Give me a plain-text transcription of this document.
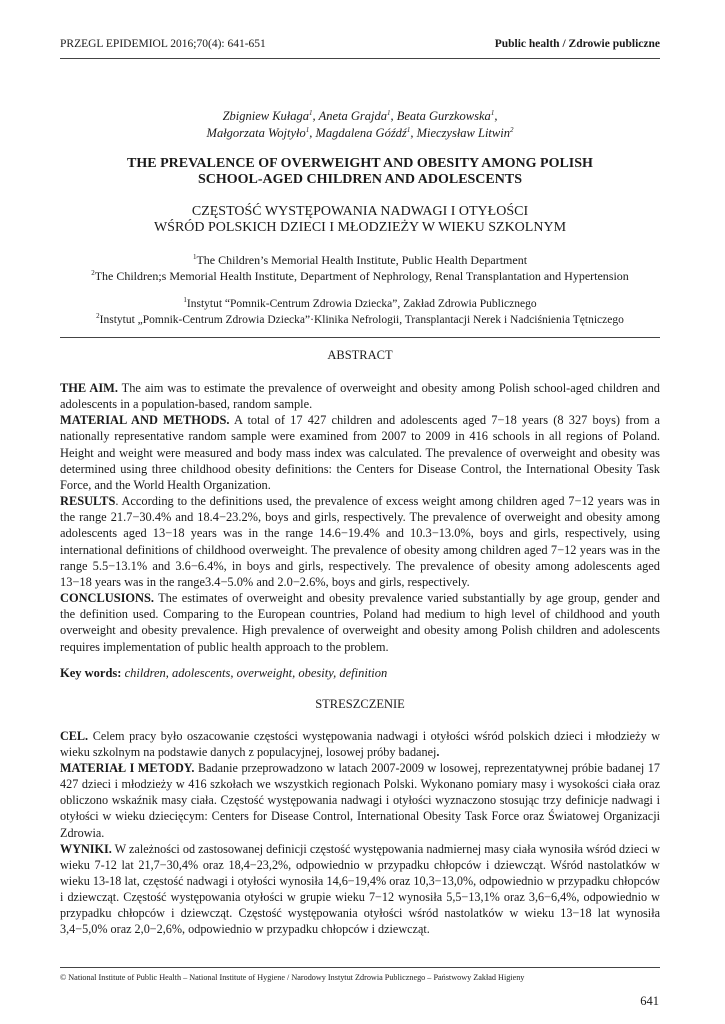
PRZEGL EPIDEMIOL 2016;70(4): 641-651	Public health / Zdrowie publiczne
Zbigniew Kułaga$^1$, Aneta Grajda$^1$, Beata Gurzkowska$^1$,
Małgorzata Wojtyło$^1$, Magdalena Góźdź$^1$, Mieczysław Litwin$^2$
THE PREVALENCE OF OVERWEIGHT AND OBESITY AMONG POLISH
SCHOOL-AGED CHILDREN AND ADOLESCENTS
CZĘSTOŚĆ WYSTĘPOWANIA NADWAGI I OTYŁOŚCI
WŚRÓD POLSKICH DZIECI I MŁODZIEŻY W WIEKU SZKOLNYM
$^1$The Children’s Memorial Health Institute, Public Health Department
$^2$The Children;s Memorial Health Institute, Department of Nephrology, Renal Transplantation and Hypertension
$^1$Instytut “Pomnik-Centrum Zdrowia Dziecka”, Zakład Zdrowia Publicznego
$^2$Instytut „Pomnik-Centrum Zdrowia Dziecka”·Klinika Nefrologii, Transplantacji Nerek i Nadciśnienia Tętniczego
ABSTRACT

THE AIM. The aim was to estimate the prevalence of overweight and obesity among Polish school-aged children and adolescents in a population-based, random sample.

MATERIAL AND METHODS. A total of 17 427 children and adolescents aged 7−18 years (8 327 boys) from a nationally representative random sample were examined from 2007 to 2009 in 416 schools in all regions of Poland. Height and weight were measured and body mass index was calculated. The prevalence of overweight and obesity was determined using three childhood obesity definitions: the Centers for Disease Control, the International Obesity Task Force, and the World Health Organization.

RESULTS. According to the definitions used, the prevalence of excess weight among children aged 7−12 years was in the range 21.7−30.4% and 18.4−23.2%, boys and girls, respectively. The prevalence of overweight and obesity among adolescents aged 13−18 years was in the range 14.6−19.4% and 10.3−13.0%, boys and girls, respectively, using international definitions of childhood overweight. The prevalence of obesity among children aged 7−12 years was in the range 5.5−13.1% and 3.6−6.4%, in boys and girls, respectively. The prevalence of obesity among adolescents aged 13−18 years was in the range3.4−5.0% and 2.0−2.6%, boys and girls, respectively.

CONCLUSIONS. The estimates of overweight and obesity prevalence varied substantially by age group, gender and the definition used. Comparing to the European countries, Poland had medium to high level of childhood and youth overweight and obesity prevalence. High prevalence of overweight and obesity among Polish children and adolescents requires implementation of public health approach to the problem.

Key words: children, adolescents, overweight, obesity, definition
STRESZCZENIE

CEL. Celem pracy było oszacowanie częstości występowania nadwagi i otyłości wśród polskich dzieci i młodzieży w wieku szkolnym na podstawie danych z populacyjnej, losowej próby badanej.

MATERIAŁ I METODY. Badanie przeprowadzono w latach 2007-2009 w losowej, reprezentatywnej próbie badanej 17 427 dzieci i młodzieży w 416 szkołach we wszystkich regionach Polski. Wykonano pomiary masy i wysokości ciała oraz obliczono wskaźnik masy ciała. Częstość występowania nadwagi i otyłości wyznaczono stosując trzy definicje nadwagi i otyłości w wieku dziecięcym: Centers for Disease Control, International Obesity Task Force oraz Światowej Organizacji Zdrowia.

WYNIKI. W zależności od zastosowanej definicji częstość występowania nadmiernej masy ciała wynosiła wśród dzieci w wieku 7-12 lat 21,7−30,4% oraz 18,4−23,2%, odpowiednio w przypadku chłopców i dziewcząt. Wśród nastolatków w wieku 13-18 lat, częstość nadwagi i otyłości wynosiła 14,6−19,4% oraz 10,3−13,0%, odpowiednio w przypadku chłopców i dziewcząt. Częstość występowania otyłości w grupie wieku 7−12 wynosiła 5,5−13,1% oraz 3,6−6,4%, odpowiednio w przypadku chłopców i dziewcząt. Częstość występowania otyłości wśród nastolatków w wieku 13−18 lat wynosiła 3,4−5,0% oraz 2,0−2,6%, odpowiednio w przypadku chłopców i dziewcząt.

© National Institute of Public Health – National Institute of Hygiene / Narodowy Instytut Zdrowia Publicznego – Państwowy Zakład Higieny
641
